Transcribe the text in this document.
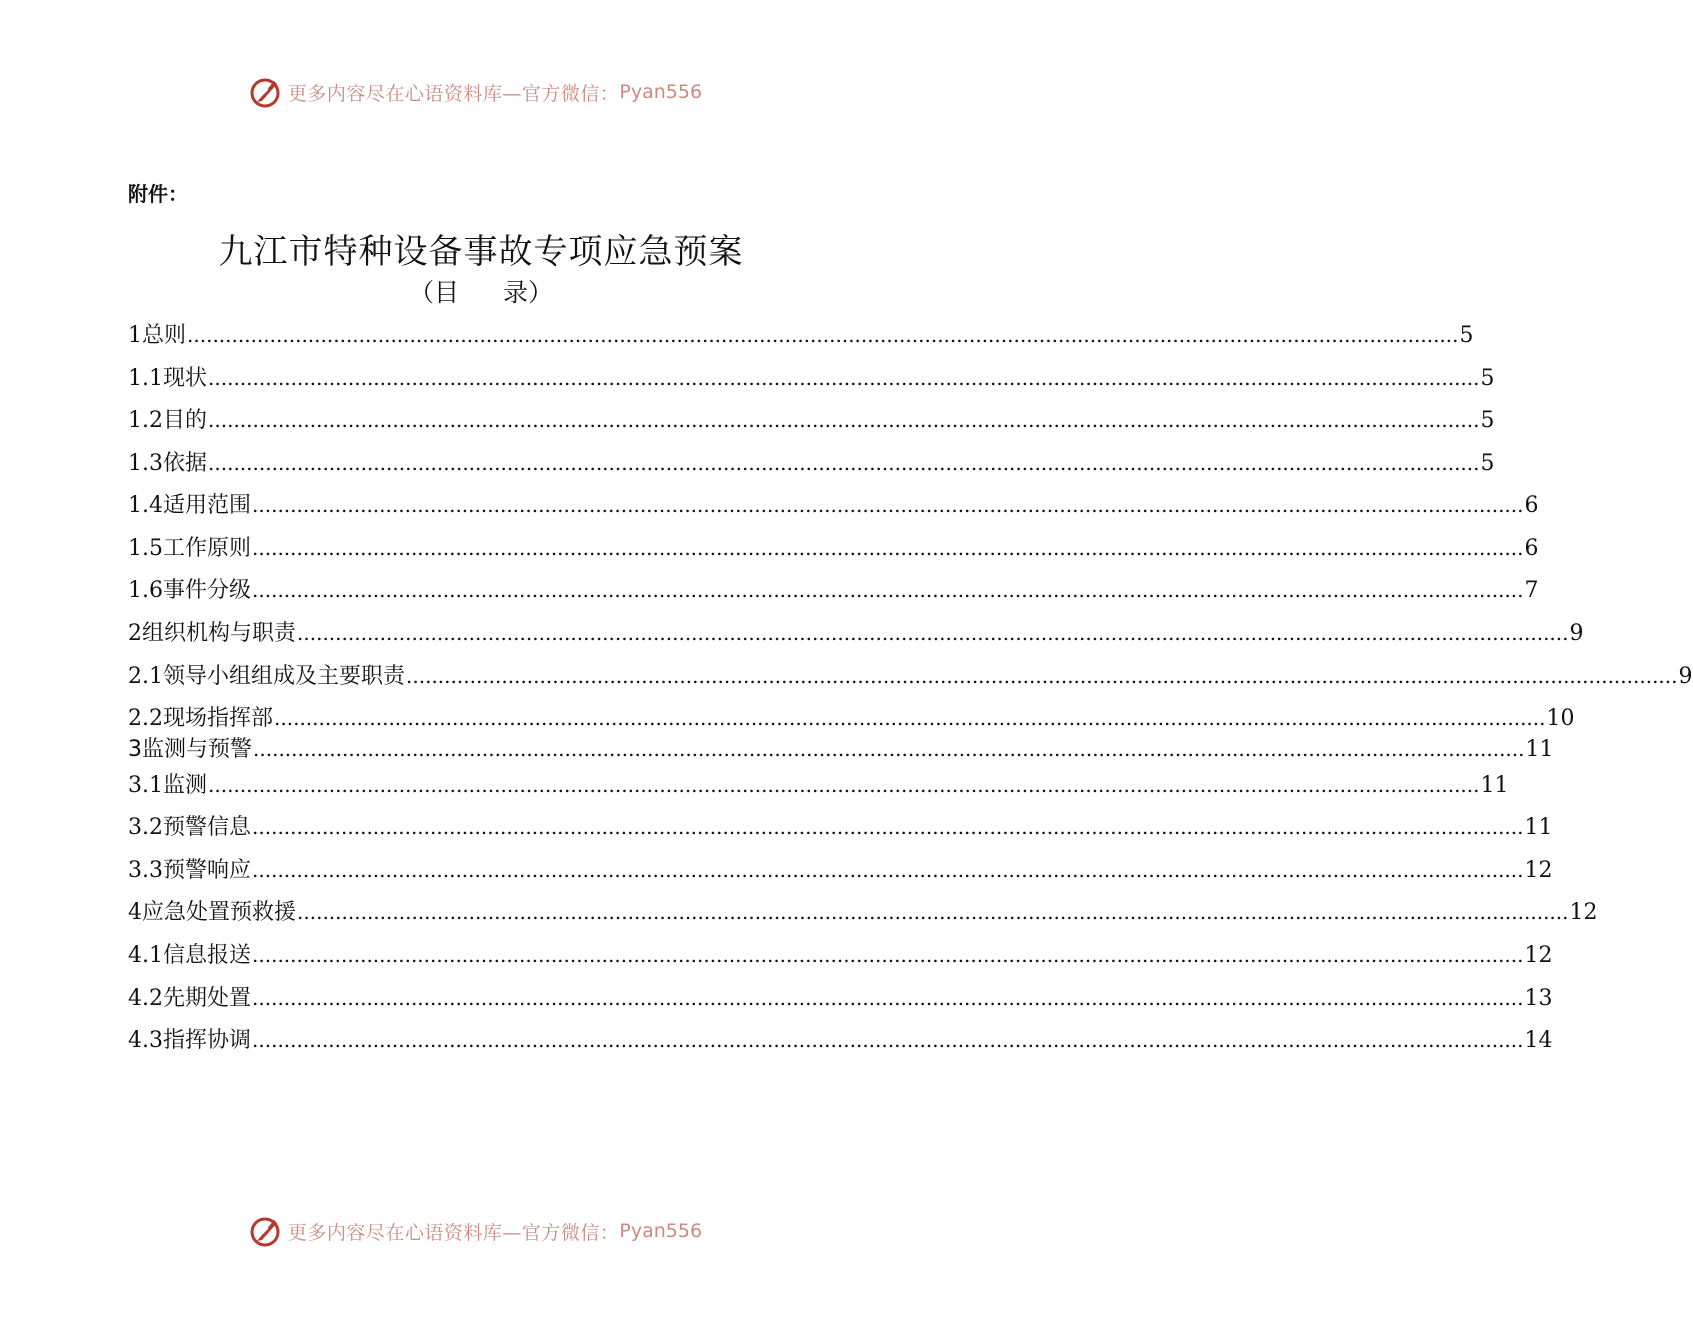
更多内容尽在心语资料库—官方微信： Pyan556
附件：
九江市特种设备事故专项应急预案
（目 录）
1 总则 ........................................................................................................................................................................................................ 5
1.1 现状 ........................................................................................................................................................................................................ 5
1.2 目的 ........................................................................................................................................................................................................ 5
1.3 依据 ........................................................................................................................................................................................................ 5
1.4 适用范围 ........................................................................................................................................................................................................ 6
1.5 工作原则 ........................................................................................................................................................................................................ 6
1.6 事件分级 ........................................................................................................................................................................................................ 7
2 组织机构与职责 ........................................................................................................................................................................................................ 9
2.1 领导小组组成及主要职责 ........................................................................................................................................................................................................ 9
2.2 现场指挥部 ........................................................................................................................................................................................................ 10
3 监测与预警 ........................................................................................................................................................................................................ 11
3.1 监测 ........................................................................................................................................................................................................ 11
3.2 预警信息 ........................................................................................................................................................................................................ 11
3.3 预警响应 ........................................................................................................................................................................................................ 12
4 应急处置预救援 ........................................................................................................................................................................................................ 12
4.1 信息报送 ........................................................................................................................................................................................................ 12
4.2 先期处置 ........................................................................................................................................................................................................ 13
4.3 指挥协调 ........................................................................................................................................................................................................ 14
更多内容尽在心语资料库—官方微信： Pyan556
